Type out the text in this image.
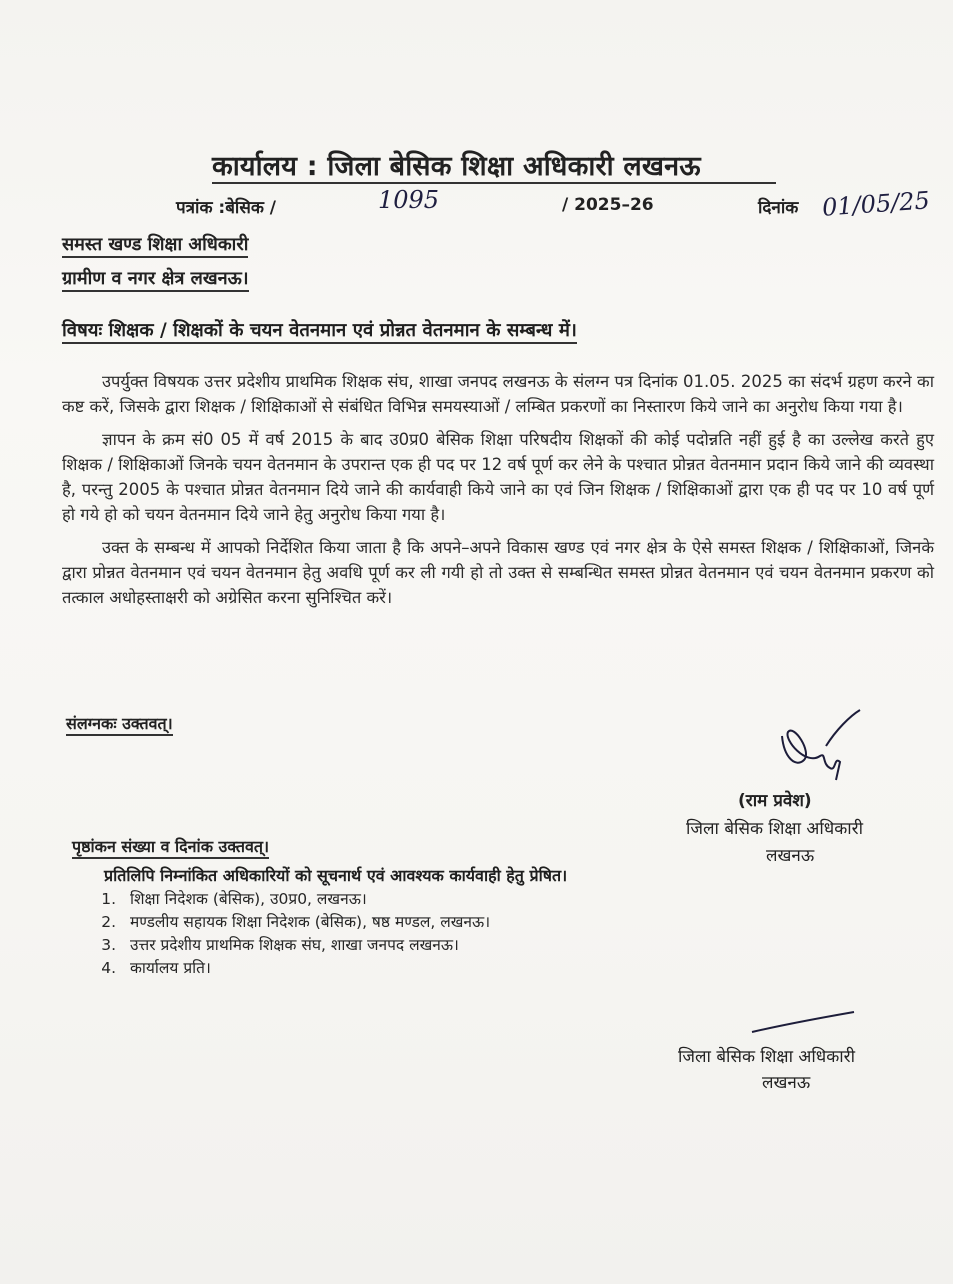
कार्यालय : जिला बेसिक शिक्षा अधिकारी लखनऊ
पत्रांक :बेसिक /	1095	/ 2025–26	दिनांक 01/05/25
समस्त खण्ड शिक्षा अधिकारी
ग्रामीण व नगर क्षेत्र लखनऊ।
विषयः शिक्षक / शिक्षकों के चयन वेतनमान एवं प्रोन्नत वेतनमान के सम्बन्ध में।

उपर्युक्त विषयक उत्तर प्रदेशीय प्राथमिक शिक्षक संघ, शाखा जनपद लखनऊ के संलग्न पत्र दिनांक 01.05. 2025 का संदर्भ ग्रहण करने का कष्ट करें, जिसके द्वारा शिक्षक / शिक्षिकाओं से संबंधित विभिन्न समयस्याओं / लम्बित प्रकरणों का निस्तारण किये जाने का अनुरोध किया गया है।

ज्ञापन के क्रम सं0 05 में वर्ष 2015 के बाद उ0प्र0 बेसिक शिक्षा परिषदीय शिक्षकों की कोई पदोन्नति नहीं हुई है का उल्लेख करते हुए शिक्षक / शिक्षिकाओं जिनके चयन वेतनमान के उपरान्त एक ही पद पर 12 वर्ष पूर्ण कर लेने के पश्चात प्रोन्नत वेतनमान प्रदान किये जाने की व्यवस्था है, परन्तु 2005 के पश्चात प्रोन्नत वेतनमान दिये जाने की कार्यवाही किये जाने का एवं जिन शिक्षक / शिक्षिकाओं द्वारा एक ही पद पर 10 वर्ष पूर्ण हो गये हो को चयन वेतनमान दिये जाने हेतु अनुरोध किया गया है।

उक्त के सम्बन्ध में आपको निर्देशित किया जाता है कि अपने–अपने विकास खण्ड एवं नगर क्षेत्र के ऐसे समस्त शिक्षक / शिक्षिकाओं, जिनके द्वारा प्रोन्नत वेतनमान एवं चयन वेतनमान हेतु अवधि पूर्ण कर ली गयी हो तो उक्त से सम्बन्धित समस्त प्रोन्नत वेतनमान एवं चयन वेतनमान प्रकरण को तत्काल अधोहस्ताक्षरी को अग्रेसित करना सुनिश्चित करें।

संलग्नकः उक्तवत्।
(राम प्रवेश)
जिला बेसिक शिक्षा अधिकारी
लखनऊ
पृष्ठांकन संख्या व दिनांक उक्तवत्।
प्रतिलिपि निम्नांकित अधिकारियों को सूचनार्थ एवं आवश्यक कार्यवाही हेतु प्रेषित।
1. शिक्षा निदेशक (बेसिक), उ0प्र0, लखनऊ।
2. मण्डलीय सहायक शिक्षा निदेशक (बेसिक), षष्ठ मण्डल, लखनऊ।
3. उत्तर प्रदेशीय प्राथमिक शिक्षक संघ, शाखा जनपद लखनऊ।
4. कार्यालय प्रति।
जिला बेसिक शिक्षा अधिकारी
लखनऊ
